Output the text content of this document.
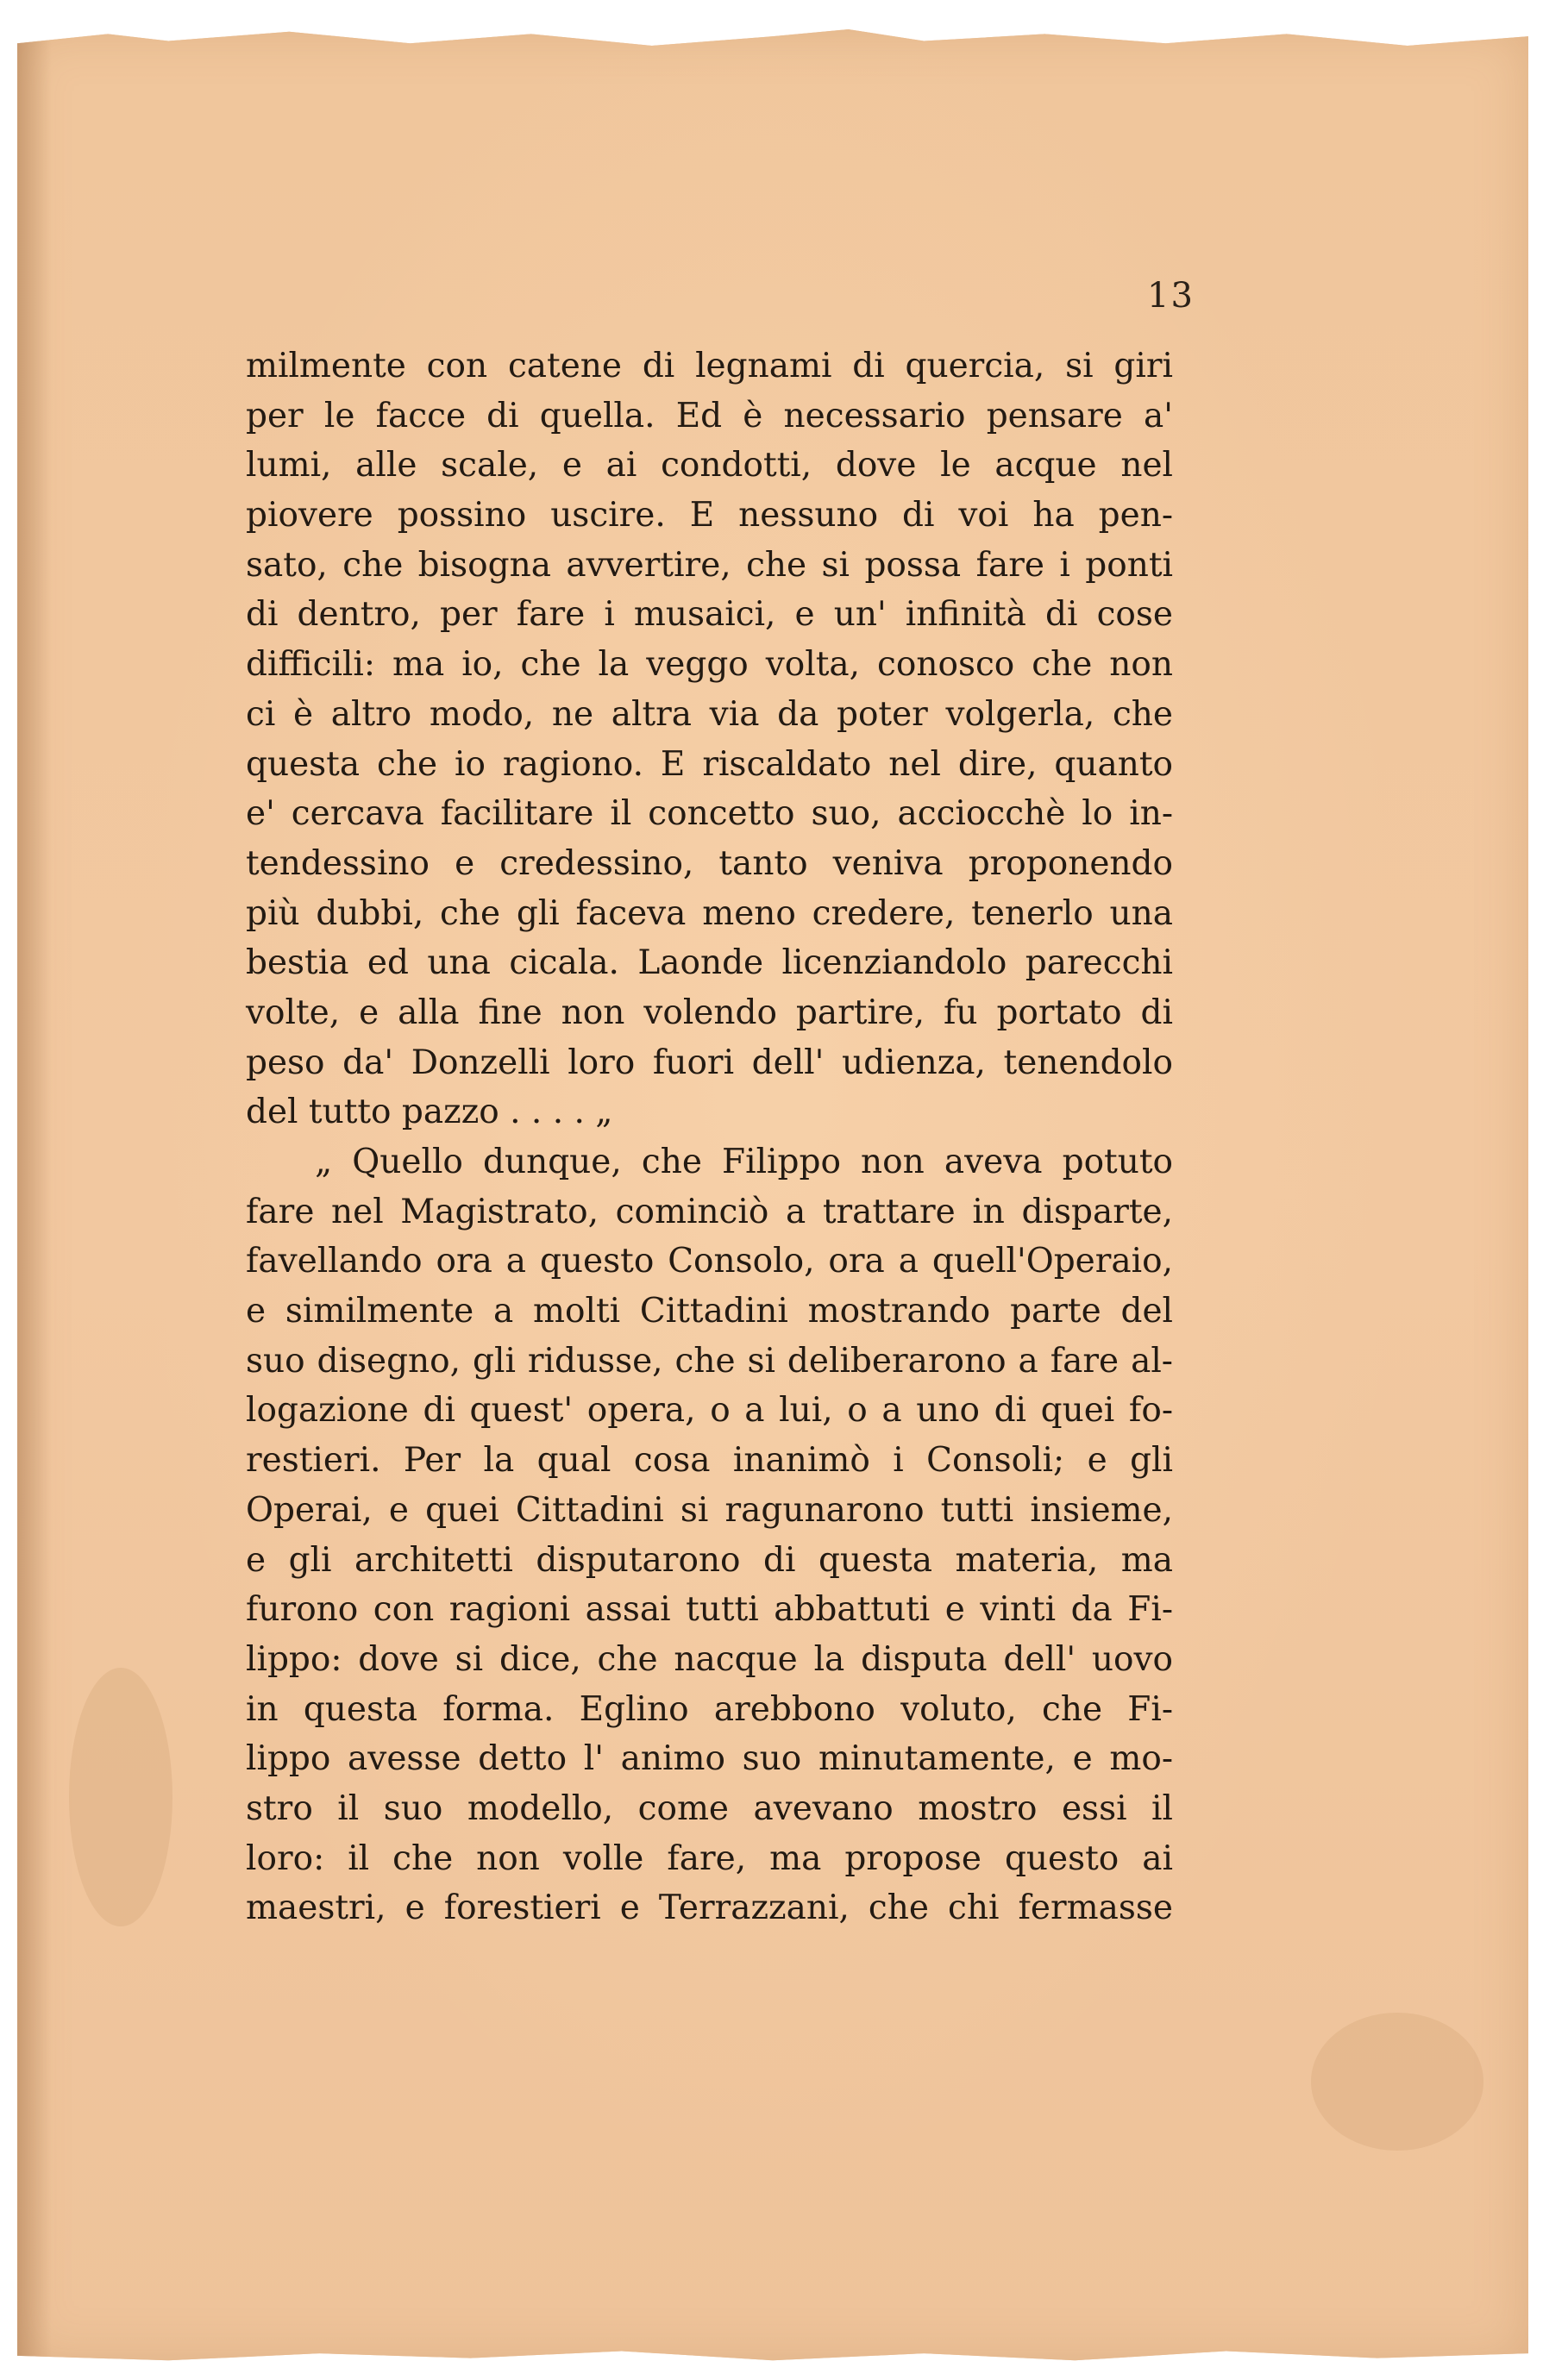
13
milmente con catene di legnami di quercia, si giri
per le facce di quella. Ed è necessario pensare a'
lumi, alle scale, e ai condotti, dove le acque nel
piovere possino uscire. E nessuno di voi ha pen-
sato, che bisogna avvertire, che si possa fare i ponti
di dentro, per fare i musaici, e un' infinità di cose
difficili: ma io, che la veggo volta, conosco che non
ci è altro modo, ne altra via da poter volgerla, che
questa che io ragiono. E riscaldato nel dire, quanto
e' cercava facilitare il concetto suo, acciocchè lo in-
tendessino e credessino, tanto veniva proponendo
più dubbi, che gli faceva meno credere, tenerlo una
bestia ed una cicala. Laonde licenziandolo parecchi
volte, e alla fine non volendo partire, fu portato di
peso da' Donzelli loro fuori dell' udienza, tenendolo
del tutto pazzo . . . . „
„ Quello dunque, che Filippo non aveva potuto
fare nel Magistrato, cominciò a trattare in disparte,
favellando ora a questo Consolo, ora a quell'Operaio,
e similmente a molti Cittadini mostrando parte del
suo disegno, gli ridusse, che si deliberarono a fare al-
logazione di quest' opera, o a lui, o a uno di quei fo-
restieri. Per la qual cosa inanimò i Consoli; e gli
Operai, e quei Cittadini si ragunarono tutti insieme,
e gli architetti disputarono di questa materia, ma
furono con ragioni assai tutti abbattuti e vinti da Fi-
lippo: dove si dice, che nacque la disputa dell' uovo
in questa forma. Eglino arebbono voluto, che Fi-
lippo avesse detto l' animo suo minutamente, e mo-
stro il suo modello, come avevano mostro essi il
loro: il che non volle fare, ma propose questo ai
maestri, e forestieri e Terrazzani, che chi fermasse
